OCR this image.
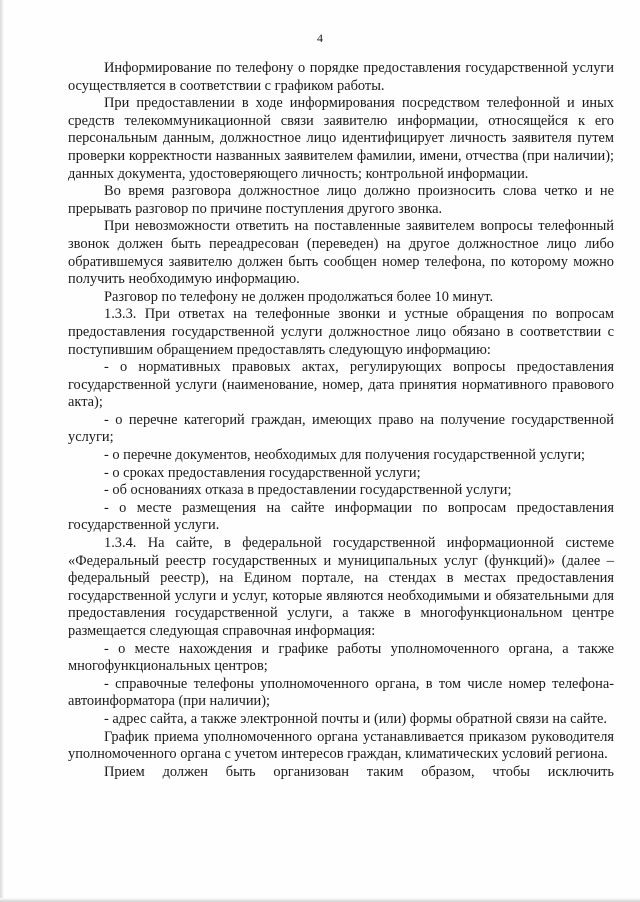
4

Информирование по телефону о порядке предоставления государственной услуги осуществляется в соответствии с графиком работы.

При предоставлении в ходе информирования посредством телефонной и иных средств телекоммуникационной связи заявителю информации, относящейся к его персональным данным, должностное лицо идентифицирует личность заявителя путем проверки корректности названных заявителем фамилии, имени, отчества (при наличии); данных документа, удостоверяющего личность; контрольной информации.

Во время разговора должностное лицо должно произносить слова четко и не прерывать разговор по причине поступления другого звонка.

При невозможности ответить на поставленные заявителем вопросы телефонный звонок должен быть переадресован (переведен) на другое должностное лицо либо обратившемуся заявителю должен быть сообщен номер телефона, по которому можно получить необходимую информацию.

Разговор по телефону не должен продолжаться более 10 минут.

1.3.3. При ответах на телефонные звонки и устные обращения по вопросам предоставления государственной услуги должностное лицо обязано в соответствии с поступившим обращением предоставлять следующую информацию:

- о нормативных правовых актах, регулирующих вопросы предоставления государственной услуги (наименование, номер, дата принятия нормативного правового акта);

- о перечне категорий граждан, имеющих право на получение государственной услуги;

- о перечне документов, необходимых для получения государственной услуги;

- о сроках предоставления государственной услуги;

- об основаниях отказа в предоставлении государственной услуги;

- о месте размещения на сайте информации по вопросам предоставления государственной услуги.

1.3.4. На сайте, в федеральной государственной информационной системе «Федеральный реестр государственных и муниципальных услуг (функций)» (далее – федеральный реестр), на Едином портале, на стендах в местах предоставления государственной услуги и услуг, которые являются необходимыми и обязательными для предоставления государственной услуги, а также в многофункциональном центре размещается следующая справочная информация:

- о месте нахождения и графике работы уполномоченного органа, а также многофункциональных центров;

- справочные телефоны уполномоченного органа, в том числе номер телефона-автоинформатора (при наличии);

- адрес сайта, а также электронной почты и (или) формы обратной связи на сайте.

График приема уполномоченного органа устанавливается приказом руководителя уполномоченного органа с учетом интересов граждан, климатических условий региона.

Прием должен быть организован таким образом, чтобы исключить
